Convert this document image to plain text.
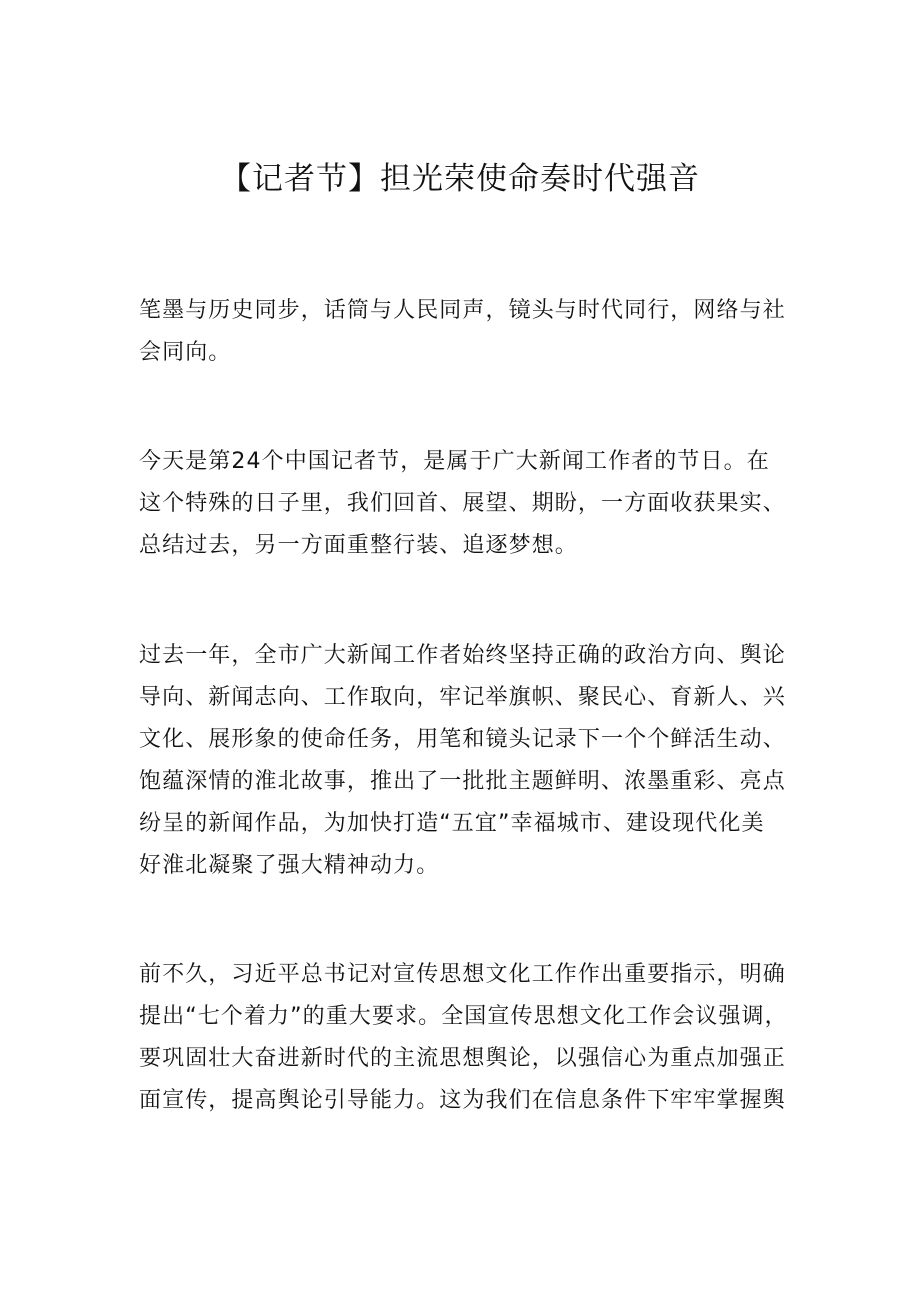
【记者节】担光荣使命奏时代强音

笔墨与历史同步，话筒与人民同声，镜头与时代同行，网络与社
会同向。

今天是第24个中国记者节，是属于广大新闻工作者的节日。在
这个特殊的日子里，我们回首、展望、期盼，一方面收获果实、
总结过去，另一方面重整行装、追逐梦想。

过去一年，全市广大新闻工作者始终坚持正确的政治方向、舆论
导向、新闻志向、工作取向，牢记举旗帜、聚民心、育新人、兴
文化、展形象的使命任务，用笔和镜头记录下一个个鲜活生动、
饱蕴深情的淮北故事，推出了一批批主题鲜明、浓墨重彩、亮点
纷呈的新闻作品，为加快打造“五宜”幸福城市、建设现代化美
好淮北凝聚了强大精神动力。

前不久，习近平总书记对宣传思想文化工作作出重要指示，明确
提出“七个着力”的重大要求。全国宣传思想文化工作会议强调，
要巩固壮大奋进新时代的主流思想舆论，以强信心为重点加强正
面宣传，提高舆论引导能力。这为我们在信息条件下牢牢掌握舆
